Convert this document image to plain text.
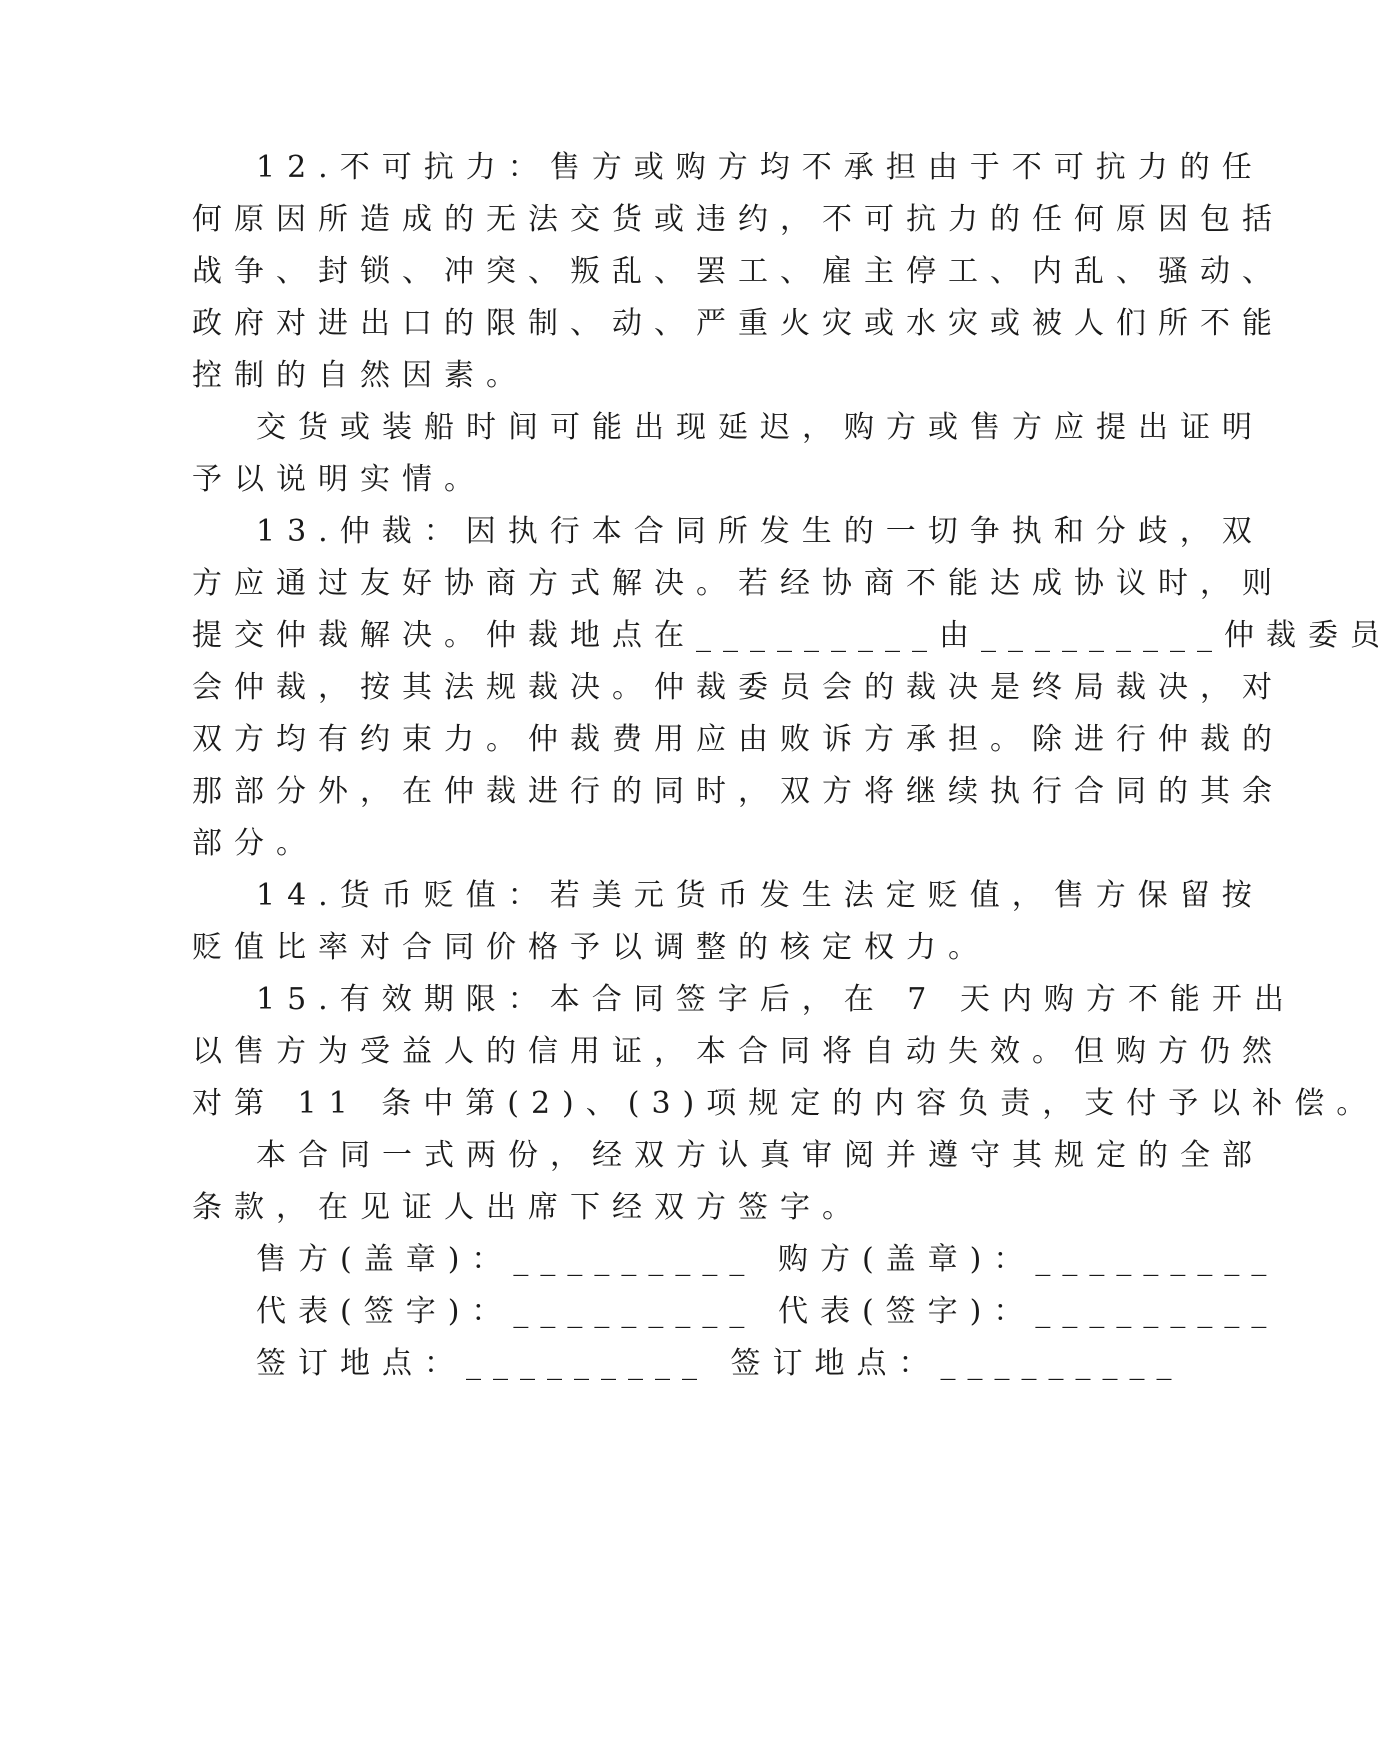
12.不可抗力：售方或购方均不承担由于不可抗力的任
何原因所造成的无法交货或违约，不可抗力的任何原因包括
战争、封锁、冲突、叛乱、罢工、雇主停工、内乱、骚动、
政府对进出口的限制、动、严重火灾或水灾或被人们所不能
控制的自然因素。
交货或装船时间可能出现延迟，购方或售方应提出证明
予以说明实情。
13.仲裁：因执行本合同所发生的一切争执和分歧，双
方应通过友好协商方式解决。若经协商不能达成协议时，则
提交仲裁解决。仲裁地点在_________由_________仲裁委员
会仲裁，按其法规裁决。仲裁委员会的裁决是终局裁决，对
双方均有约束力。仲裁费用应由败诉方承担。除进行仲裁的
那部分外，在仲裁进行的同时，双方将继续执行合同的其余
部分。
14.货币贬值：若美元货币发生法定贬值，售方保留按
贬值比率对合同价格予以调整的核定权力。
15.有效期限：本合同签字后，在 7 天内购方不能开出
以售方为受益人的信用证，本合同将自动失效。但购方仍然
对第 11 条中第(2)、(3)项规定的内容负责，支付予以补偿。
本合同一式两份，经双方认真审阅并遵守其规定的全部
条款，在见证人出席下经双方签字。
售方(盖章)：_________ 购方(盖章)：_________
代表(签字)：_________ 代表(签字)：_________
签订地点：_________ 签订地点：_________
